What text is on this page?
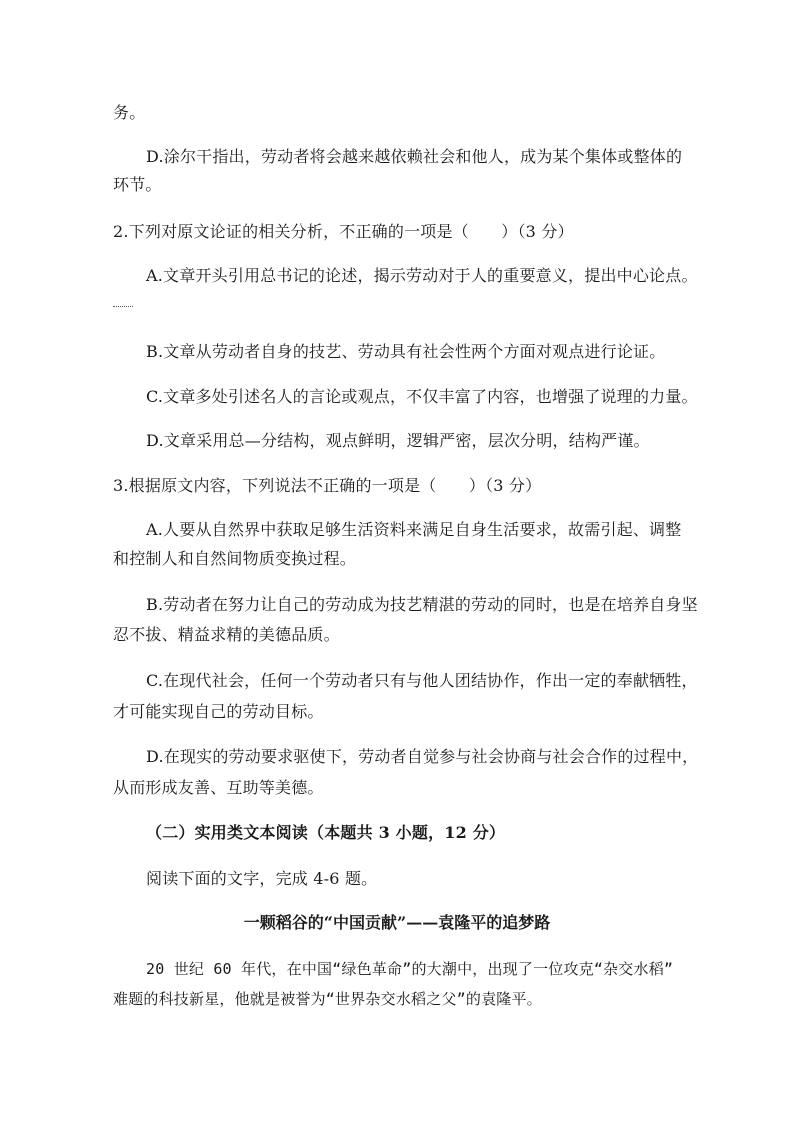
务。
D.涂尔干指出，劳动者将会越来越依赖社会和他人，成为某个集体或整体的
环节。
2.下列对原文论证的相关分析，不正确的一项是（　　）（3 分）
A.文章开头引用总书记的论述，揭示劳动对于人的重要意义，提出中心论点。
B.文章从劳动者自身的技艺、劳动具有社会性两个方面对观点进行论证。
C.文章多处引述名人的言论或观点，不仅丰富了内容，也增强了说理的力量。
D.文章采用总—分结构，观点鲜明，逻辑严密，层次分明，结构严谨。
3.根据原文内容，下列说法不正确的一项是（　　）（3 分）
A.人要从自然界中获取足够生活资料来满足自身生活要求，故需引起、调整
和控制人和自然间物质变换过程。
B.劳动者在努力让自己的劳动成为技艺精湛的劳动的同时，也是在培养自身坚
忍不拔、精益求精的美德品质。
C.在现代社会，任何一个劳动者只有与他人团结协作，作出一定的奉献牺牲，
才可能实现自己的劳动目标。
D.在现实的劳动要求驱使下，劳动者自觉参与社会协商与社会合作的过程中，
从而形成友善、互助等美德。
（二）实用类文本阅读（本题共 3 小题，12 分）
阅读下面的文字，完成 4-6 题。
一颗稻谷的“中国贡献”——袁隆平的追梦路
20 世纪 60 年代，在中国“绿色革命”的大潮中，出现了一位攻克“杂交水稻”
难题的科技新星，他就是被誉为“世界杂交水稻之父”的袁隆平。
